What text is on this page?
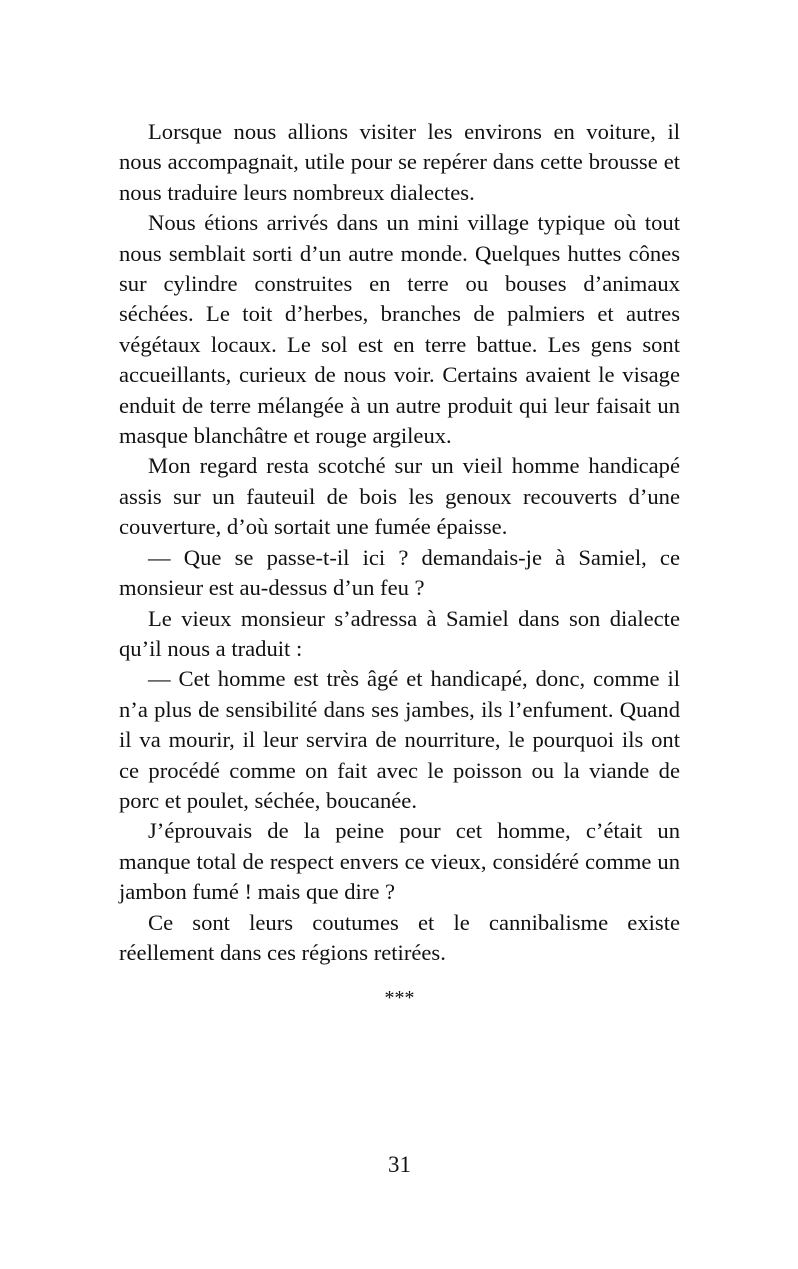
Lorsque nous allions visiter les environs en voiture, il nous accompagnait, utile pour se repérer dans cette brousse et nous traduire leurs nombreux dialectes.

Nous étions arrivés dans un mini village typique où tout nous semblait sorti d’un autre monde. Quelques huttes cônes sur cylindre construites en terre ou bouses d’animaux séchées. Le toit d’herbes, branches de palmiers et autres végétaux locaux. Le sol est en terre battue. Les gens sont accueillants, curieux de nous voir. Certains avaient le visage enduit de terre mélangée à un autre produit qui leur faisait un masque blanchâtre et rouge argileux.

Mon regard resta scotché sur un vieil homme handicapé assis sur un fauteuil de bois les genoux recouverts d’une couverture, d’où sortait une fumée épaisse.

— Que se passe-t-il ici ? demandais-je à Samiel, ce monsieur est au-dessus d’un feu ?

Le vieux monsieur s’adressa à Samiel dans son dialecte qu’il nous a traduit :

— Cet homme est très âgé et handicapé, donc, comme il n’a plus de sensibilité dans ses jambes, ils l’enfument. Quand il va mourir, il leur servira de nourriture, le pourquoi ils ont ce procédé comme on fait avec le poisson ou la viande de porc et poulet, séchée, boucanée.

J’éprouvais de la peine pour cet homme, c’était un manque total de respect envers ce vieux, considéré comme un jambon fumé ! mais que dire ?

Ce sont leurs coutumes et le cannibalisme existe réellement dans ces régions retirées.

***
31
